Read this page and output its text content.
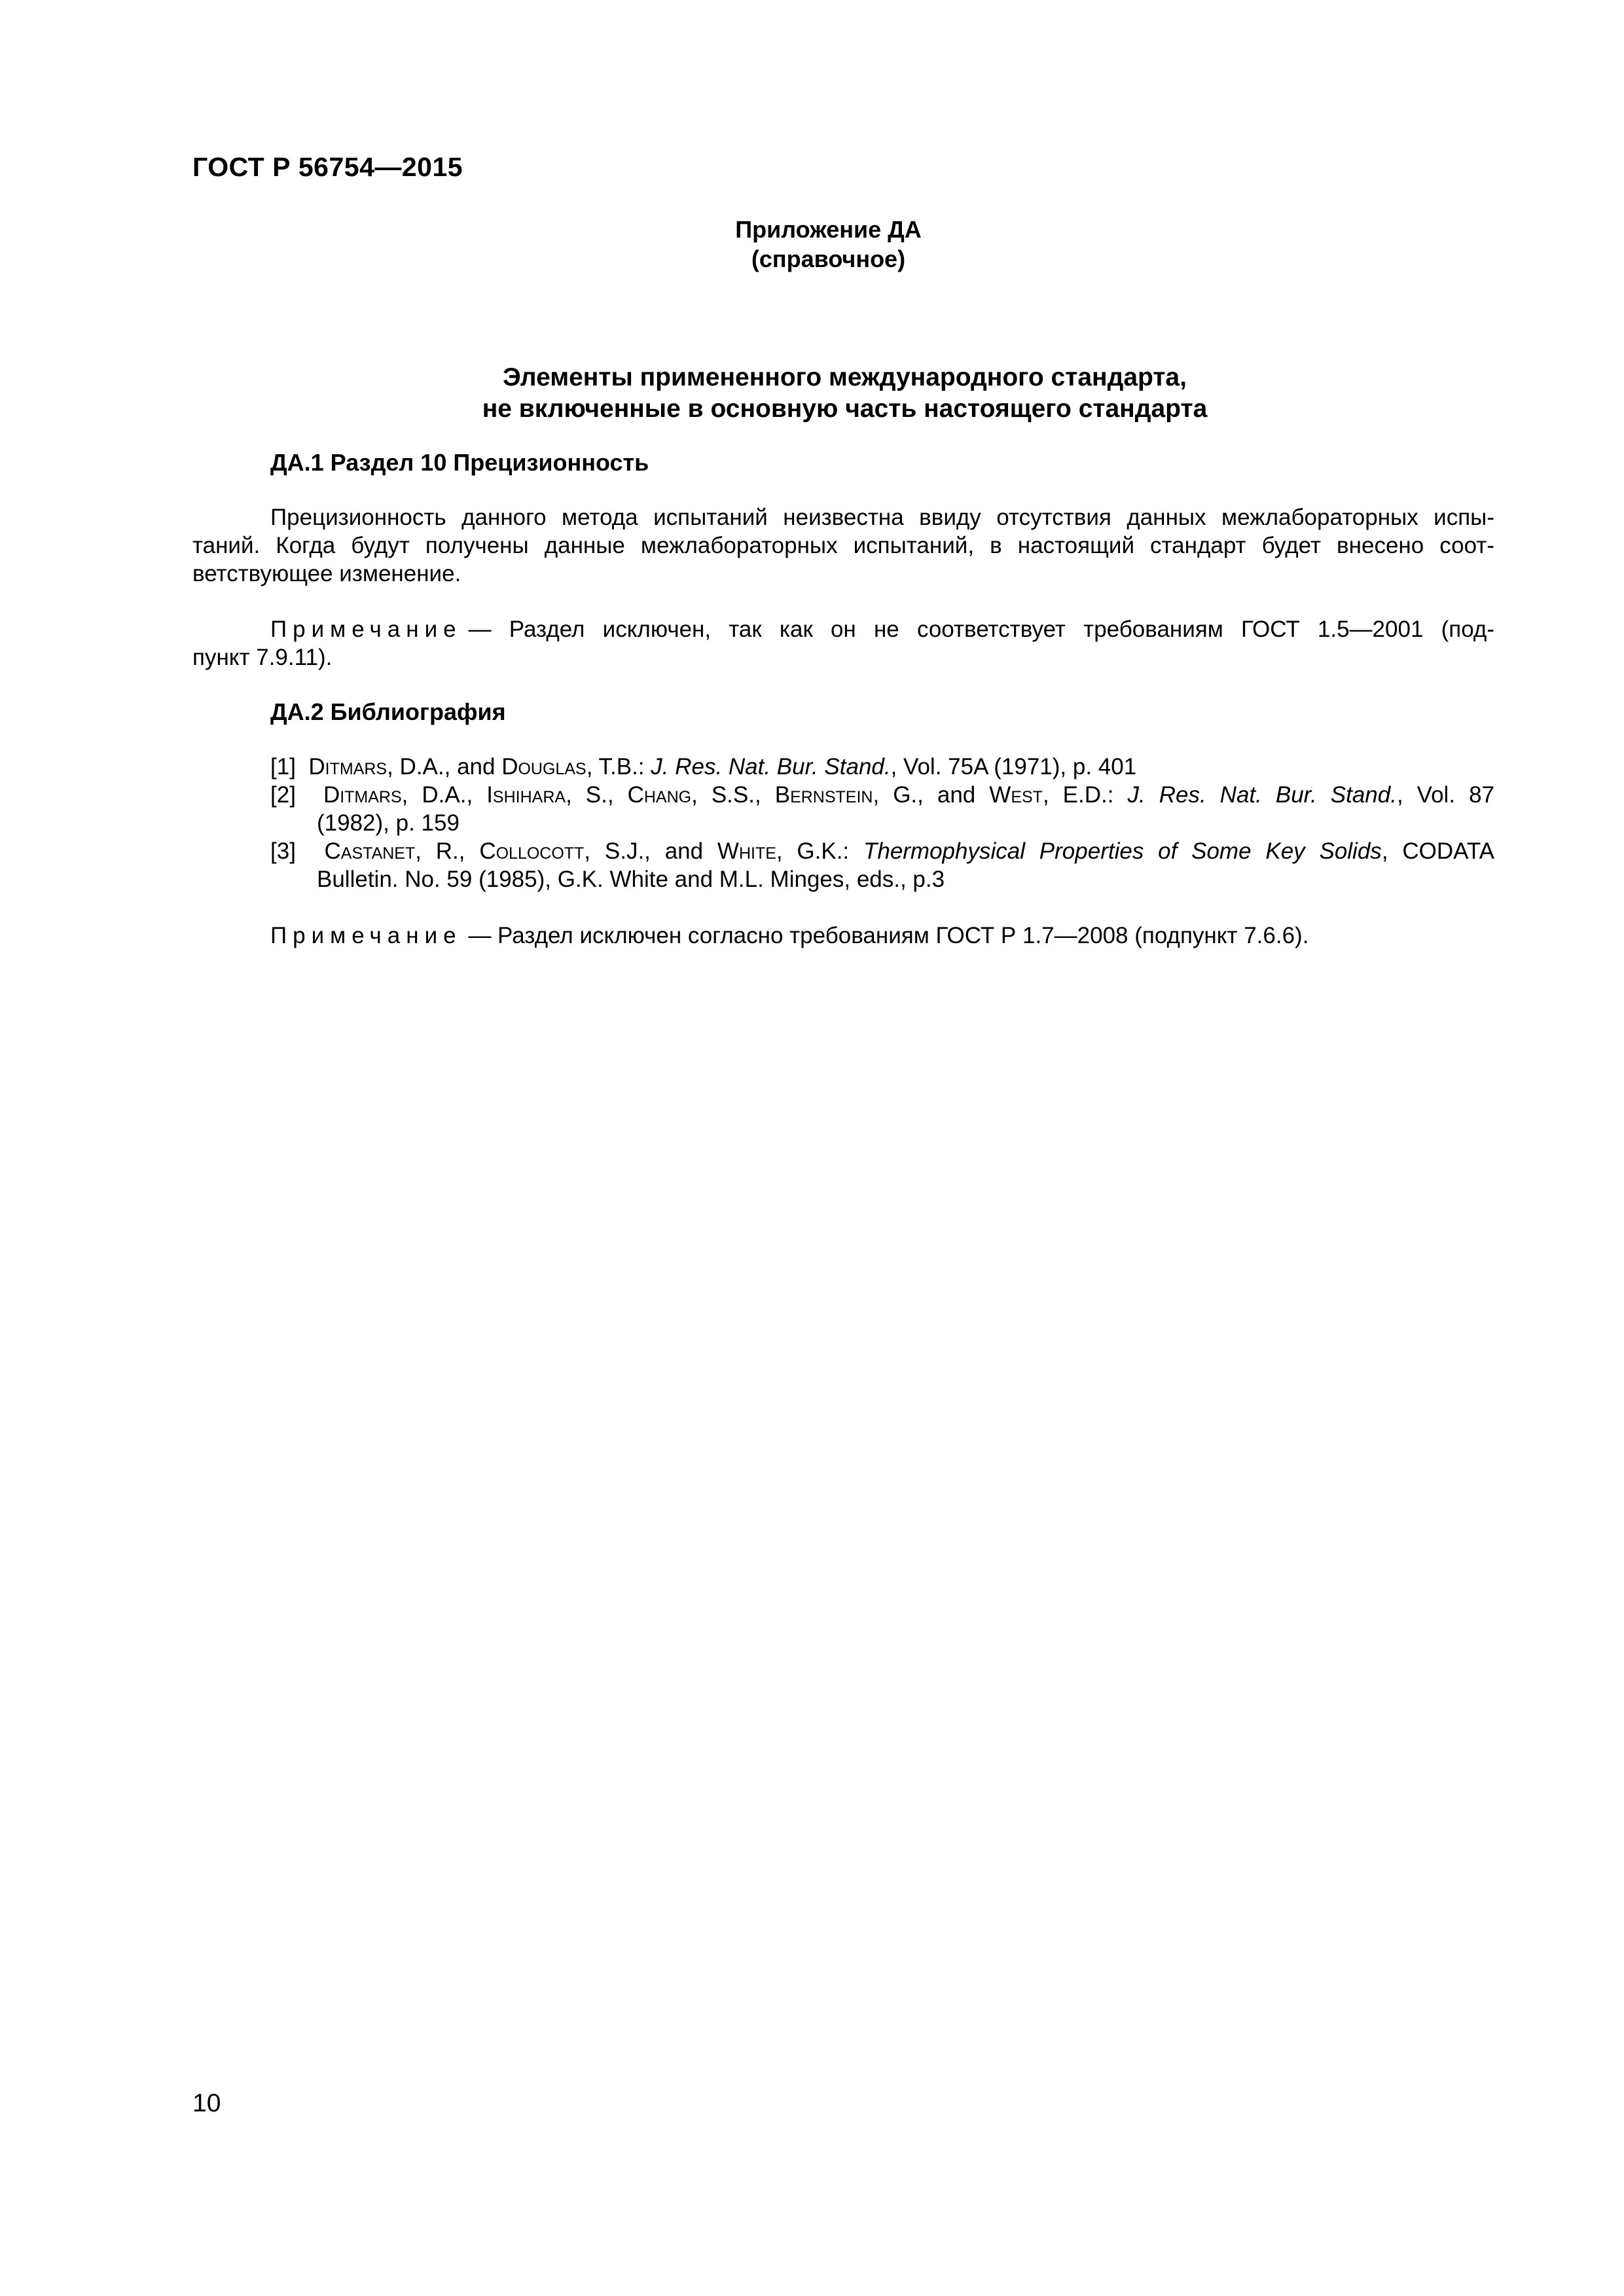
ГОСТ Р 56754—2015
Приложение ДА
(справочное)
Элементы примененного международного стандарта,
не включенные в основную часть настоящего стандарта
ДА.1 Раздел 10 Прецизионность
Прецизионность данного метода испытаний неизвестна ввиду отсутствия данных межлабораторных испы-
таний. Когда будут получены данные межлабораторных испытаний, в настоящий стандарт будет внесено соот-
ветствующее изменение.
Примечание — Раздел исключен, так как он не соответствует требованиям ГОСТ 1.5—2001 (под-
пункт 7.9.11).
ДА.2 Библиография
[1] Ditmars, D.A., and Douglas, T.B.: J. Res. Nat. Bur. Stand., Vol. 75A (1971), p. 401
[2] Ditmars, D.A., Ishihara, S., Chang, S.S., Bernstein, G., and West, E.D.: J. Res. Nat. Bur. Stand., Vol. 87
(1982), p. 159
[3] Castanet, R., Collocott, S.J., and White, G.K.: Thermophysical Properties of Some Key Solids, CODATA
Bulletin. No. 59 (1985), G.K. White and M.L. Minges, eds., p.3
Примечание — Раздел исключен согласно требованиям ГОСТ Р 1.7—2008 (подпункт 7.6.6).
10
